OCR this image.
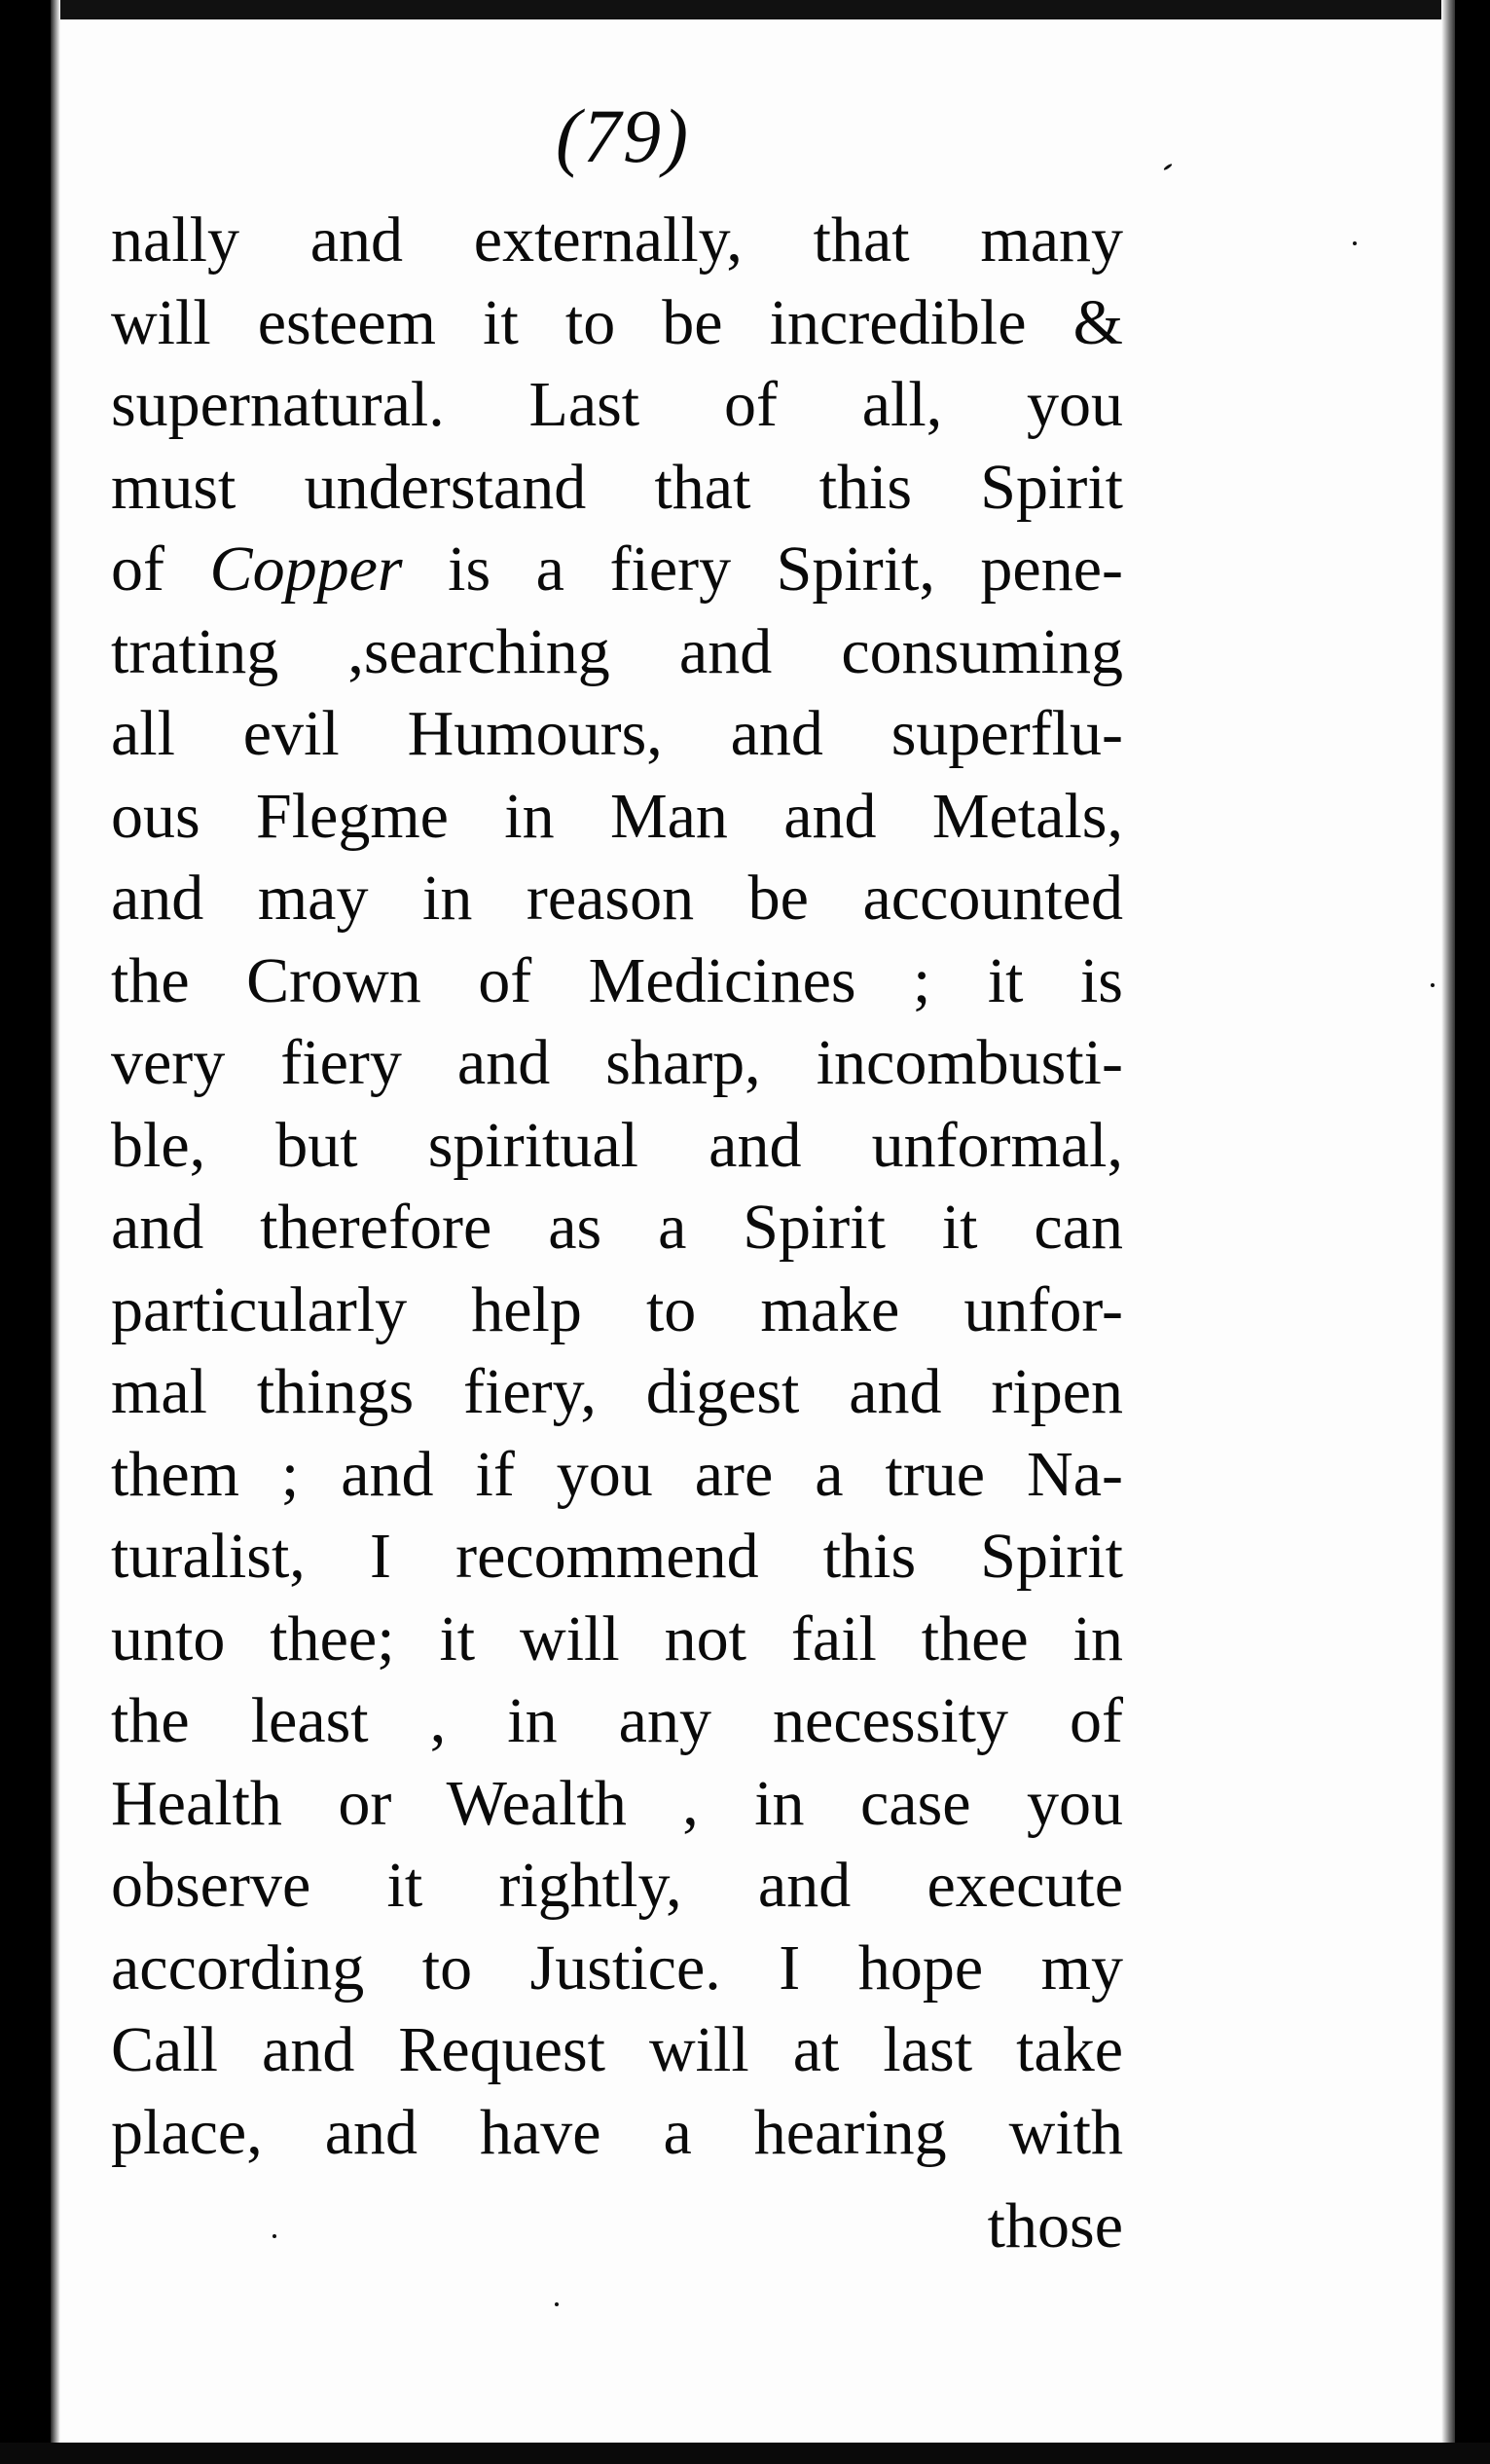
(79)
nally and externally, that many
will esteem it to be incredible &
supernatural. Last of all, you
must understand that this Spirit
of Copper is a fiery Spirit, pene-
trating ,searching and consuming
all evil Humours, and superflu-
ous Flegme in Man and Metals,
and may in reason be accounted
the Crown of Medicines ; it is
very fiery and sharp, incombusti-
ble, but spiritual and unformal,
and therefore as a Spirit it can
particularly help to make unfor-
mal things fiery, digest and ripen
them ; and if you are a true Na-
turalist, I recommend this Spirit
unto thee; it will not fail thee in
the least , in any necessity of
Health or Wealth , in case you
observe it rightly, and execute
according to Justice. I hope my
Call and Request will at last take
place, and have a hearing with
those
